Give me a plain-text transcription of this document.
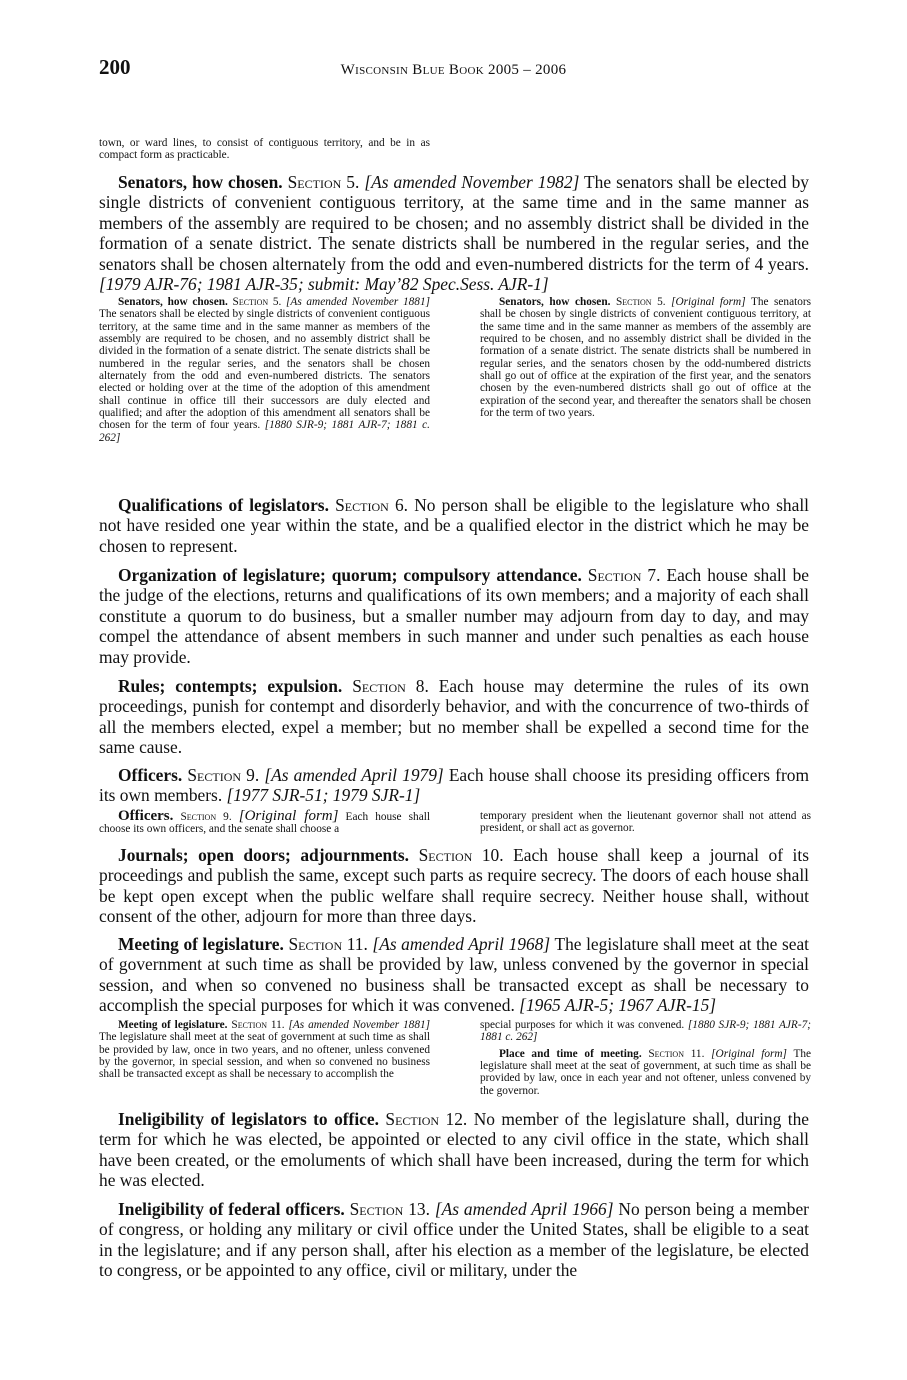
200	Wisconsin Blue Book 2005 – 2006

town, or ward lines, to consist of contiguous territory, and be in as compact form as practicable.

Senators, how chosen. Section 5. [As amended November 1982] The senators shall be elected by single districts of convenient contiguous territory, at the same time and in the same manner as members of the assembly are required to be chosen; and no assembly district shall be divided in the formation of a senate district. The senate districts shall be numbered in the regular series, and the senators shall be chosen alternately from the odd and even-numbered districts for the term of 4 years. [1979 AJR-76; 1981 AJR-35; submit: May’82 Spec.Sess. AJR-1]

Senators, how chosen. Section 5. [As amended November 1881] The senators shall be elected by single districts of convenient contiguous territory, at the same time and in the same manner as members of the assembly are required to be chosen, and no assembly district shall be divided in the formation of a senate district. The senate districts shall be numbered in the regular series, and the senators shall be chosen alternately from the odd and even-numbered districts. The senators elected or holding over at the time of the adoption of this amendment shall continue in office till their successors are duly elected and qualified; and after the adoption of this amendment all senators shall be chosen for the term of four years. [1880 SJR-9; 1881 AJR-7; 1881 c. 262]

Senators, how chosen. Section 5. [Original form] The senators shall be chosen by single districts of convenient contiguous territory, at the same time and in the same manner as members of the assembly are required to be chosen, and no assembly district shall be divided in the formation of a senate district. The senate districts shall be numbered in regular series, and the senators chosen by the odd-numbered districts shall go out of office at the expiration of the first year, and the senators chosen by the even-numbered districts shall go out of office at the expiration of the second year, and thereafter the senators shall be chosen for the term of two years.

Qualifications of legislators. Section 6. No person shall be eligible to the legislature who shall not have resided one year within the state, and be a qualified elector in the district which he may be chosen to represent.

Organization of legislature; quorum; compulsory attendance. Section 7. Each house shall be the judge of the elections, returns and qualifications of its own members; and a majority of each shall constitute a quorum to do business, but a smaller number may adjourn from day to day, and may compel the attendance of absent members in such manner and under such penalties as each house may provide.

Rules; contempts; expulsion. Section 8. Each house may determine the rules of its own proceedings, punish for contempt and disorderly behavior, and with the concurrence of two-thirds of all the members elected, expel a member; but no member shall be expelled a second time for the same cause.

Officers. Section 9. [As amended April 1979] Each house shall choose its presiding officers from its own members. [1977 SJR-51; 1979 SJR-1]

Officers. Section 9. [Original form] Each house shall choose its own officers, and the senate shall choose a

temporary president when the lieutenant governor shall not attend as president, or shall act as governor.

Journals; open doors; adjournments. Section 10. Each house shall keep a journal of its proceedings and publish the same, except such parts as require secrecy. The doors of each house shall be kept open except when the public welfare shall require secrecy. Neither house shall, without consent of the other, adjourn for more than three days.

Meeting of legislature. Section 11. [As amended April 1968] The legislature shall meet at the seat of government at such time as shall be provided by law, unless convened by the governor in special session, and when so convened no business shall be transacted except as shall be necessary to accomplish the special purposes for which it was convened. [1965 AJR-5; 1967 AJR-15]

Meeting of legislature. Section 11. [As amended November 1881] The legislature shall meet at the seat of government at such time as shall be provided by law, once in two years, and no oftener, unless convened by the governor, in special session, and when so convened no business shall be transacted except as shall be necessary to accomplish the

special purposes for which it was convened. [1880 SJR-9; 1881 AJR-7; 1881 c. 262]

Place and time of meeting. Section 11. [Original form] The legislature shall meet at the seat of government, at such time as shall be provided by law, once in each year and not oftener, unless convened by the governor.

Ineligibility of legislators to office. Section 12. No member of the legislature shall, during the term for which he was elected, be appointed or elected to any civil office in the state, which shall have been created, or the emoluments of which shall have been increased, during the term for which he was elected.

Ineligibility of federal officers. Section 13. [As amended April 1966] No person being a member of congress, or holding any military or civil office under the United States, shall be eligible to a seat in the legislature; and if any person shall, after his election as a member of the legislature, be elected to congress, or be appointed to any office, civil or military, under the
